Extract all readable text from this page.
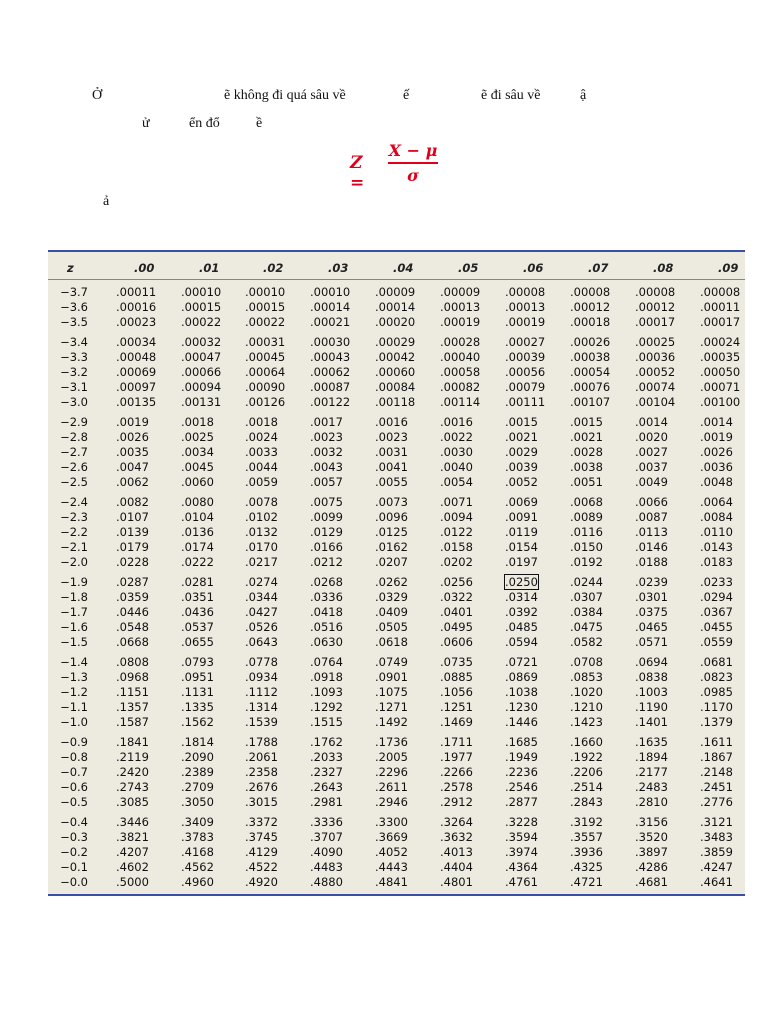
Ở	ẽ không đi quá sâu về	ế	ẽ đi sâu về	ậ
ử	ển đổ	ề
ả
Z =
X − μ
σ
z	.00	.01	.02	.03	.04	.05	.06	.07	.08	.09
−3.7 .00011 .00010 .00010 .00010 .00009 .00009 .00008 .00008 .00008 .00008
−3.6 .00016 .00015 .00015 .00014 .00014 .00013 .00013 .00012 .00012 .00011
−3.5 .00023 .00022 .00022 .00021 .00020 .00019 .00019 .00018 .00017 .00017
−3.4 .00034 .00032 .00031 .00030 .00029 .00028 .00027 .00026 .00025 .00024
−3.3 .00048 .00047 .00045 .00043 .00042 .00040 .00039 .00038 .00036 .00035
−3.2 .00069 .00066 .00064 .00062 .00060 .00058 .00056 .00054 .00052 .00050
−3.1 .00097 .00094 .00090 .00087 .00084 .00082 .00079 .00076 .00074 .00071
−3.0 .00135 .00131 .00126 .00122 .00118 .00114 .00111 .00107 .00104 .00100
−2.9 .0019	.0018	.0018	.0017	.0016	.0016	.0015	.0015	.0014	.0014
−2.8 .0026	.0025	.0024	.0023	.0023	.0022	.0021	.0021	.0020	.0019
−2.7 .0035	.0034	.0033	.0032	.0031	.0030	.0029	.0028	.0027	.0026
−2.6 .0047	.0045	.0044	.0043	.0041	.0040	.0039	.0038	.0037	.0036
−2.5 .0062	.0060	.0059	.0057	.0055	.0054	.0052	.0051	.0049	.0048
−2.4 .0082	.0080	.0078	.0075	.0073	.0071	.0069	.0068	.0066	.0064
−2.3 .0107	.0104	.0102	.0099	.0096	.0094	.0091	.0089	.0087	.0084
−2.2 .0139	.0136	.0132	.0129	.0125	.0122	.0119	.0116	.0113	.0110
−2.1 .0179	.0174	.0170	.0166	.0162	.0158	.0154	.0150	.0146	.0143
−2.0 .0228	.0222	.0217	.0212	.0207	.0202	.0197	.0192	.0188	.0183
−1.9 .0287	.0281	.0274	.0268	.0262	.0256	.0250	.0244	.0239	.0233
−1.8 .0359	.0351	.0344	.0336	.0329	.0322	.0314	.0307	.0301	.0294
−1.7 .0446	.0436	.0427	.0418	.0409	.0401	.0392	.0384	.0375	.0367
−1.6 .0548	.0537	.0526	.0516	.0505	.0495	.0485	.0475	.0465	.0455
−1.5 .0668	.0655	.0643	.0630	.0618	.0606	.0594	.0582	.0571	.0559
−1.4 .0808	.0793	.0778	.0764	.0749	.0735	.0721	.0708	.0694	.0681
−1.3 .0968	.0951	.0934	.0918	.0901	.0885	.0869	.0853	.0838	.0823
−1.2 .1151	.1131	.1112	.1093	.1075	.1056	.1038	.1020	.1003	.0985
−1.1 .1357	.1335	.1314	.1292	.1271	.1251	.1230	.1210	.1190	.1170
−1.0 .1587	.1562	.1539	.1515	.1492	.1469	.1446	.1423	.1401	.1379
−0.9 .1841	.1814	.1788	.1762	.1736	.1711	.1685	.1660	.1635	.1611
−0.8 .2119	.2090	.2061	.2033	.2005	.1977	.1949	.1922	.1894	.1867
−0.7 .2420	.2389	.2358	.2327	.2296	.2266	.2236	.2206	.2177	.2148
−0.6 .2743	.2709	.2676	.2643	.2611	.2578	.2546	.2514	.2483	.2451
−0.5 .3085	.3050	.3015	.2981	.2946	.2912	.2877	.2843	.2810	.2776
−0.4 .3446	.3409	.3372	.3336	.3300	.3264	.3228	.3192	.3156	.3121
−0.3 .3821	.3783	.3745	.3707	.3669	.3632	.3594	.3557	.3520	.3483
−0.2 .4207	.4168	.4129	.4090	.4052	.4013	.3974	.3936	.3897	.3859
−0.1 .4602	.4562	.4522	.4483	.4443	.4404	.4364	.4325	.4286	.4247
−0.0 .5000	.4960	.4920	.4880	.4841	.4801	.4761	.4721	.4681	.4641
